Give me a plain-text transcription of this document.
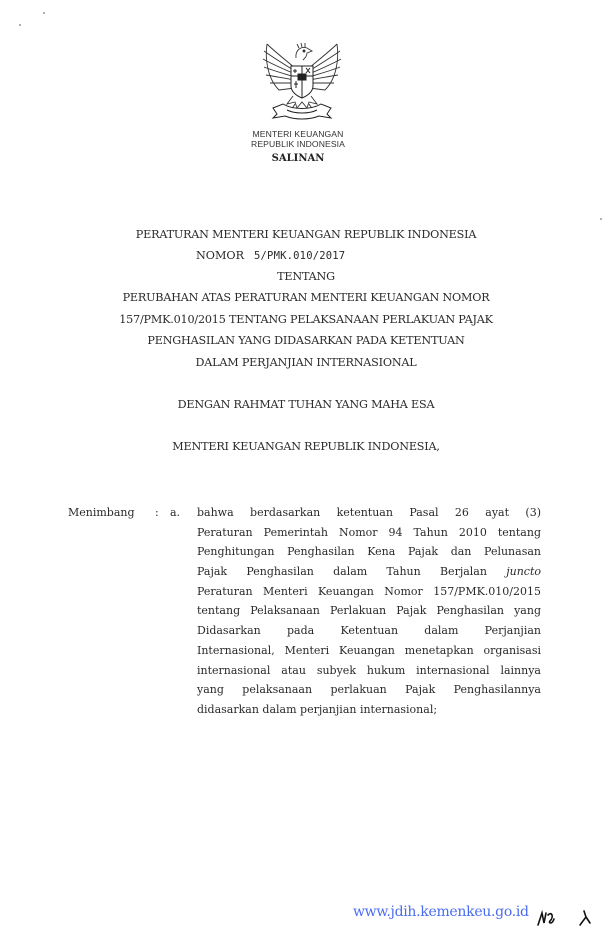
MENTERI KEUANGAN
REPUBLIK INDONESIA
SALINAN
PERATURAN MENTERI KEUANGAN REPUBLIK INDONESIA
NOMOR 5/PMK.010/2017
TENTANG
PERUBAHAN ATAS PERATURAN MENTERI KEUANGAN NOMOR
157/PMK.010/2015 TENTANG PELAKSANAAN PERLAKUAN PAJAK
PENGHASILAN YANG DIDASARKAN PADA KETENTUAN
DALAM PERJANJIAN INTERNASIONAL
DENGAN RAHMAT TUHAN YANG MAHA ESA
MENTERI KEUANGAN REPUBLIK INDONESIA,
Menimbang : a. bahwa berdasarkan ketentuan Pasal 26 ayat (3)
Peraturan Pemerintah Nomor 94 Tahun 2010 tentang
Penghitungan Penghasilan Kena Pajak dan Pelunasan
Pajak Penghasilan dalam Tahun Berjalan juncto
Peraturan Menteri Keuangan Nomor 157/PMK.010/2015
tentang Pelaksanaan Perlakuan Pajak Penghasilan yang
Didasarkan pada Ketentuan dalam Perjanjian
Internasional, Menteri Keuangan menetapkan organisasi
internasional atau subyek hukum internasional lainnya
yang pelaksanaan perlakuan Pajak Penghasilannya
didasarkan dalam perjanjian internasional;
www.jdih.kemenkeu.go.id
